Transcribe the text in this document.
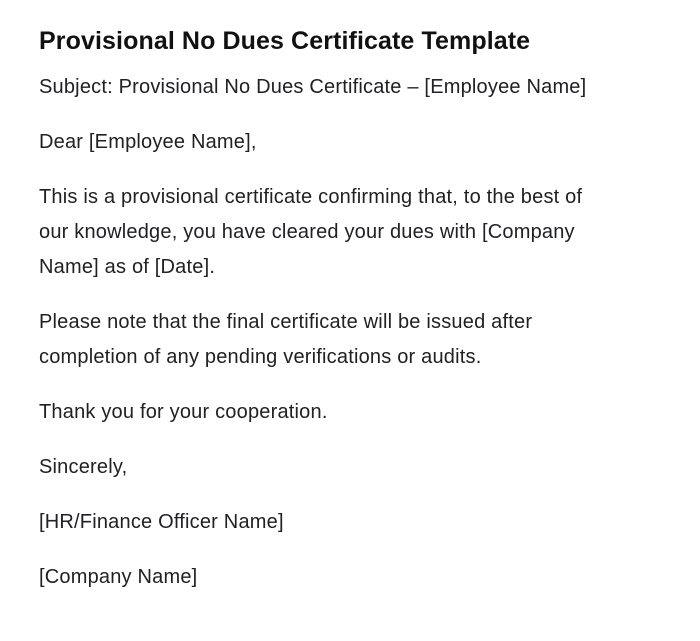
Provisional No Dues Certificate Template

Subject: Provisional No Dues Certificate – [Employee Name]

Dear [Employee Name],

This is a provisional certificate confirming that, to the best of
our knowledge, you have cleared your dues with [Company
Name] as of [Date].

Please note that the final certificate will be issued after
completion of any pending verifications or audits.

Thank you for your cooperation.

Sincerely,

[HR/Finance Officer Name]

[Company Name]
